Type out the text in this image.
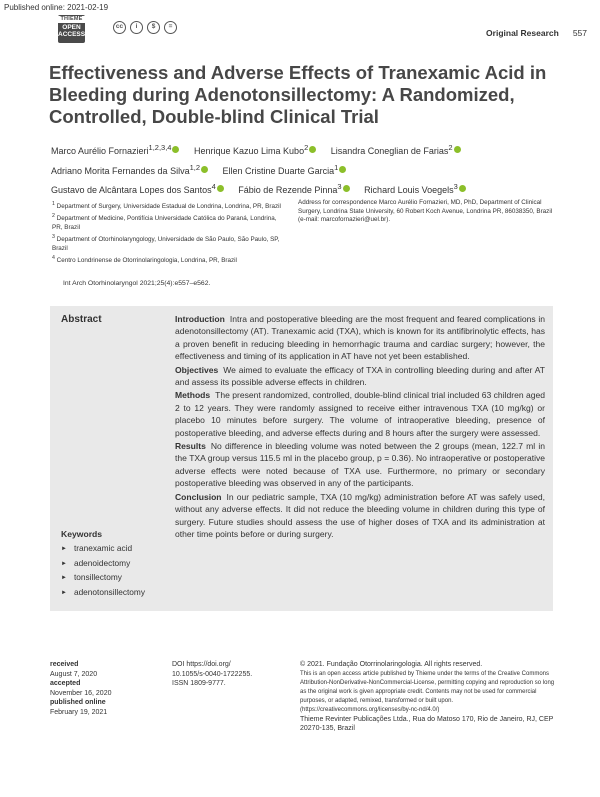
Published online: 2021-02-19
THIEME
OPEN
ACCESS
cc	i	$	=
Original Research 557
Effectiveness and Adverse Effects of Tranexamic Acid in Bleeding during Adenotonsillectomy: A Randomized, Controlled, Double-blind Clinical Trial
Marco Aurélio Fornazieri$^{1,2,3,4}$	Henrique Kazuo Lima Kubo$^2$	Lisandra Coneglian de Farias$^2$
Adriano Morita Fernandes da Silva$^{1,2}$	Ellen Cristine Duarte Garcia$^1$
Gustavo de Alcântara Lopes dos Santos$^4$	Fábio de Rezende Pinna$^3$	Richard Louis Voegels$^3$
$^1$ Department of Surgery, Universidade Estadual de Londrina, Londrina, PR, Brazil
$^2$ Department of Medicine, Pontifícia Universidade Católica do Paraná, Londrina, PR, Brazil
$^3$ Department of Otorhinolaryngology, Universidade de São Paulo, São Paulo, SP, Brazil
$^4$ Centro Londrinense de Otorrinolaringologia, Londrina, PR, Brazil
Address for correspondence Marco Aurélio Fornazieri, MD, PhD, Department of Clinical Surgery, Londrina State University, 60 Robert Koch Avenue, Londrina PR, 86038350, Brazil (e-mail: marcofornazieri@uel.br).
Int Arch Otorhinolaryngol 2021;25(4):e557–e562.
Abstract	Introduction Intra and postoperative bleeding are the most frequent and feared complications in adenotonsillectomy (AT). Tranexamic acid (TXA), which is known for its antifibrinolytic effects, has a proven benefit in reducing bleeding in hemorrhagic trauma and cardiac surgery; however, the effectiveness and timing of its application in AT have not yet been established.

Objectives We aimed to evaluate the efficacy of TXA in controlling bleeding during and after AT and assess its possible adverse effects in children.

Methods The present randomized, controlled, double-blind clinical trial included 63 children aged 2 to 12 years. They were randomly assigned to receive either intravenous TXA (10 mg/kg) or placebo 10 minutes before surgery. The volume of intraoperative bleeding, presence of postoperative bleeding, and adverse effects during and 8 hours after the surgery were assessed.

Results No difference in bleeding volume was noted between the 2 groups (mean, 122.7 ml in the TXA group versus 115.5 ml in the placebo group, p = 0.36). No intraoperative or postoperative adverse effects were noted because of TXA use. Furthermore, no primary or secondary postoperative bleeding was observed in any of the participants.

Conclusion In our pediatric sample, TXA (10 mg/kg) administration before AT was safely used, without any adverse effects. It did not reduce the bleeding volume in children during this type of surgery. Future studies should assess the use of higher doses of TXA and its administration at other time points before or during surgery.

Keywords
► tranexamic acid
► adenoidectomy
► tonsillectomy
► adenotonsillectomy
received
August 7, 2020
accepted
November 16, 2020
published online
February 19, 2021
DOI https://doi.org/
10.1055/s-0040-1722255.
ISSN 1809-9777.
© 2021. Fundação Otorrinolaringologia. All rights reserved.
This is an open access article published by Thieme under the terms of the Creative Commons Attribution-NonDerivative-NonCommercial-License, permitting copying and reproduction so long as the original work is given appropriate credit. Contents may not be used for commercial purposes, or adapted, remixed, transformed or built upon. (https://creativecommons.org/licenses/by-nc-nd/4.0/)
Thieme Revinter Publicações Ltda., Rua do Matoso 170, Rio de Janeiro, RJ, CEP 20270-135, Brazil
